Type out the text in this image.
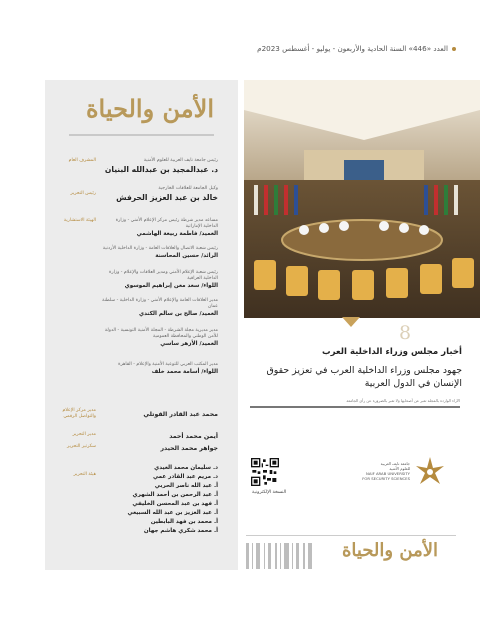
العدد «446» السنة الحادية والأربعون - يوليو - أغسطس 2023م
الأمن والحياة
المشرف العام	رئيس جامعة نايف العربية للعلوم الأمنية
د. عبدالمجيد بن عبدالله البنيان
رئيس التحرير
وكيل الجامعة للعلاقات الخارجية
خالد بن عبد العزيز الحرفش
الهيئة الاستشارية	مساعد مدير شرطة رئيس مركز الإعلام الأمني - وزارة الداخلية الإماراتية
العميد/ فاطمة ربيعة الهاشمي
رئيس شعبة الاتصال والعلاقات العامة - وزارة الداخلية الأردنية
الرائد/ حسين المحاسنة
رئيس شعبة الإعلام الأمني ومدير العلاقات والإعلام - وزارة الداخلية العراقية
اللواء/ سعد معن إبراهيم الموسوي
مدير العلاقات العامة والإعلام الأمني - وزارة الداخلية - سلطنة عمان
العميد/ صالح بن سالم الكندي
مدير مديرية مجلة الشرطة - المجلة الأمنية التونسية - الدولة للأمن الوطني والمحافظة العمومية
العميد/ الأزهر ساسي
مدير المكتب العربي للتوعية الأمنية والإعلام - القاهرة
اللواء/ أسامة محمد خلف
مدير مركز الإعلام والتواصل الرقمي	محمد عبد القادر القوتلي
مدير التحرير	أيمن محمد أحمد
سكرتير التحرير	جواهر محمد الحيدر
هيئة التحرير
د. سليمان محمد العيدي
د. مريم عبد القادر عمي
أ. عبد الله ناصر الحربي
أ. عبد الرحمن بن أحمد الشهري
أ. فهد بن عبد المحسن الخليفي
أ. عبد العزيز بن عبد الله السبيعي
أ. محمد بن فهد البابطين
أ. محمد شكري هاشم جهان
8
أخبار مجلس وزراء الداخلية العرب
جهود مجلس وزراء الداخلية العرب في تعزيز حقوق الإنسان في الدول العربية
الآراء الواردة بالمجلة تعبر عن أصحابها ولا تعبر بالضرورة عن رأي الجامعة
النسخة الإلكترونية
جامعة نايف العربية
للعلوم الأمنية
NAIF ARAB UNIVERSITY
FOR SECURITY SCIENCES
الأمن والحياة
